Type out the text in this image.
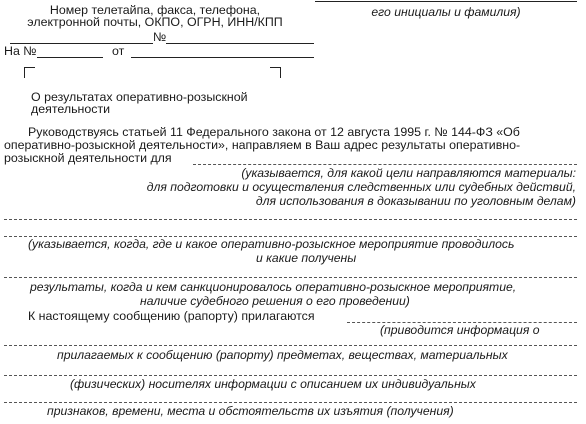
Номер телетайпа, факса, телефона,
электронной почты, ОКПО, ОГРН, ИНН/КПП
№
его инициалы и фамилия)
На №	от
О результатах оперативно-розыскной
деятельности
Руководствуясь статьей 11 Федерального закона от 12 августа 1995 г. № 144-ФЗ «Об
оперативно-розыскной деятельности», направляем в Ваш адрес результаты оперативно-
розыскной деятельности для
(указывается, для какой цели направляются материалы:
для подготовки и осуществления следственных или судебных действий,
для использования в доказывании по уголовным делам)
(указывается, когда, где и какое оперативно-розыскное мероприятие проводилось
и какие получены
результаты, когда и кем санкционировалось оперативно-розыскное мероприятие,
наличие судебного решения о его проведении)
К настоящему сообщению (рапорту) прилагаются
(приводится информация о
прилагаемых к сообщению (рапорту) предметах, веществах, материальных
(физических) носителях информации с описанием их индивидуальных
признаков, времени, места и обстоятельств их изъятия (получения)
